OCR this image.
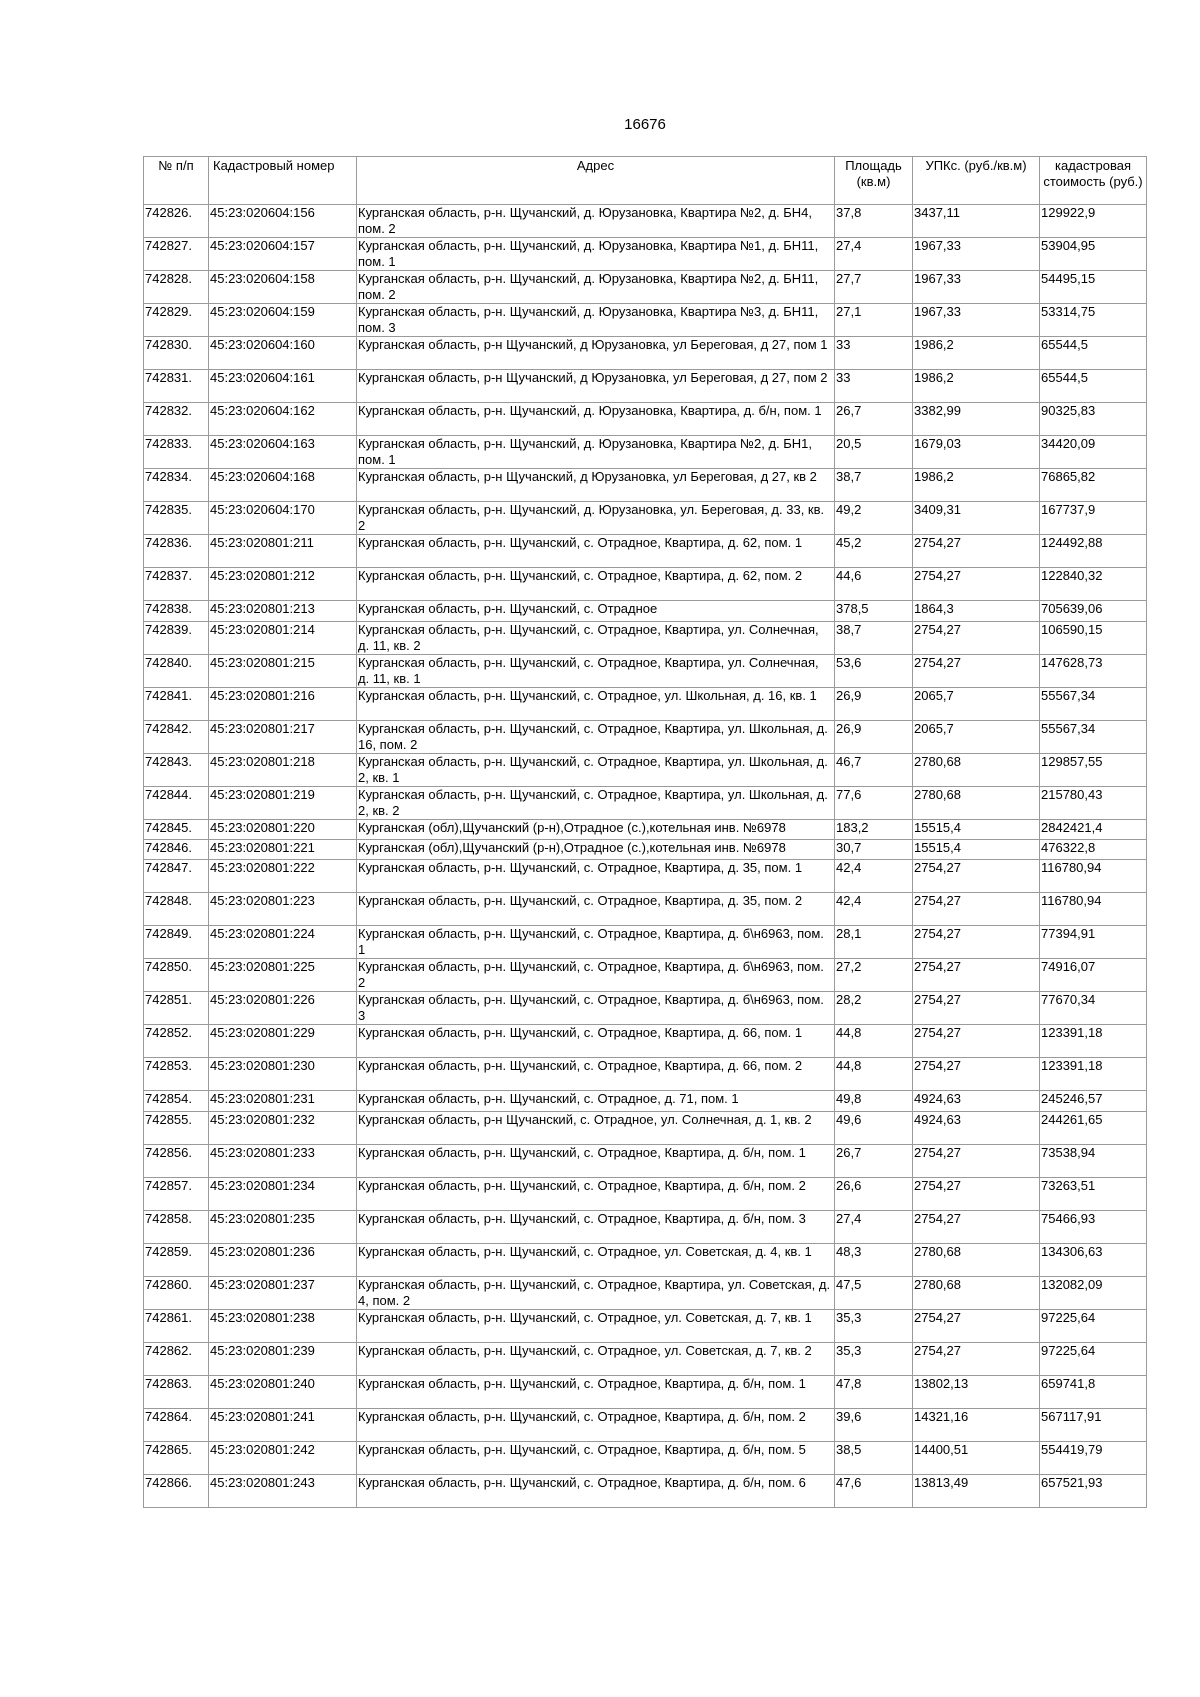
16676
№ п/п	Кадастровый номер	Адрес	Площадь (кв.м)	УПКс. (руб./кв.м)	кадастровая стоимость (руб.)
742826.	45:23:020604:156	Курганская область, р-н. Щучанский, д. Юрузановка, Квартира №2, д. БН4, пом. 2	37,8	3437,11	129922,9
742827.	45:23:020604:157	Курганская область, р-н. Щучанский, д. Юрузановка, Квартира №1, д. БН11, пом. 1	27,4	1967,33	53904,95
742828.	45:23:020604:158	Курганская область, р-н. Щучанский, д. Юрузановка, Квартира №2, д. БН11, пом. 2	27,7	1967,33	54495,15
742829.	45:23:020604:159	Курганская область, р-н. Щучанский, д. Юрузановка, Квартира №3, д. БН11, пом. 3	27,1	1967,33	53314,75
742830.	45:23:020604:160	Курганская область, р-н Щучанский, д Юрузановка, ул Береговая, д 27, пом 1	33	1986,2	65544,5
742831.	45:23:020604:161	Курганская область, р-н Щучанский, д Юрузановка, ул Береговая, д 27, пом 2	33	1986,2	65544,5
742832.	45:23:020604:162	Курганская область, р-н. Щучанский, д. Юрузановка, Квартира, д. б/н, пом. 1	26,7	3382,99	90325,83
742833.	45:23:020604:163	Курганская область, р-н. Щучанский, д. Юрузановка, Квартира №2, д. БН1, пом. 1	20,5	1679,03	34420,09
742834.	45:23:020604:168	Курганская область, р-н Щучанский, д Юрузановка, ул Береговая, д 27, кв 2	38,7	1986,2	76865,82
742835.	45:23:020604:170	Курганская область, р-н. Щучанский, д. Юрузановка, ул. Береговая, д. 33, кв. 2	49,2	3409,31	167737,9
742836.	45:23:020801:211	Курганская область, р-н. Щучанский, с. Отрадное, Квартира, д. 62, пом. 1	45,2	2754,27	124492,88
742837.	45:23:020801:212	Курганская область, р-н. Щучанский, с. Отрадное, Квартира, д. 62, пом. 2	44,6	2754,27	122840,32
742838.	45:23:020801:213	Курганская область, р-н. Щучанский, с. Отрадное	378,5	1864,3	705639,06
742839.	45:23:020801:214	Курганская область, р-н. Щучанский, с. Отрадное, Квартира, ул. Солнечная, д. 11, кв. 2	38,7	2754,27	106590,15
742840.	45:23:020801:215	Курганская область, р-н. Щучанский, с. Отрадное, Квартира, ул. Солнечная, д. 11, кв. 1	53,6	2754,27	147628,73
742841.	45:23:020801:216	Курганская область, р-н. Щучанский, с. Отрадное, ул. Школьная, д. 16, кв. 1	26,9	2065,7	55567,34
742842.	45:23:020801:217	Курганская область, р-н. Щучанский, с. Отрадное, Квартира, ул. Школьная, д. 16, пом. 2	26,9	2065,7	55567,34
742843.	45:23:020801:218	Курганская область, р-н. Щучанский, с. Отрадное, Квартира, ул. Школьная, д. 2, кв. 1	46,7	2780,68	129857,55
742844.	45:23:020801:219	Курганская область, р-н. Щучанский, с. Отрадное, Квартира, ул. Школьная, д. 2, кв. 2	77,6	2780,68	215780,43
742845.	45:23:020801:220	Курганская (обл),Щучанский (р-н),Отрадное (с.),котельная инв. №6978	183,2	15515,4	2842421,4
742846.	45:23:020801:221	Курганская (обл),Щучанский (р-н),Отрадное (с.),котельная инв. №6978	30,7	15515,4	476322,8
742847.	45:23:020801:222	Курганская область, р-н. Щучанский, с. Отрадное, Квартира, д. 35, пом. 1	42,4	2754,27	116780,94
742848.	45:23:020801:223	Курганская область, р-н. Щучанский, с. Отрадное, Квартира, д. 35, пом. 2	42,4	2754,27	116780,94
742849.	45:23:020801:224	Курганская область, р-н. Щучанский, с. Отрадное, Квартира, д. б\н6963, пом. 1	28,1	2754,27	77394,91
742850.	45:23:020801:225	Курганская область, р-н. Щучанский, с. Отрадное, Квартира, д. б\н6963, пом. 2	27,2	2754,27	74916,07
742851.	45:23:020801:226	Курганская область, р-н. Щучанский, с. Отрадное, Квартира, д. б\н6963, пом. 3	28,2	2754,27	77670,34
742852.	45:23:020801:229	Курганская область, р-н. Щучанский, с. Отрадное, Квартира, д. 66, пом. 1	44,8	2754,27	123391,18
742853.	45:23:020801:230	Курганская область, р-н. Щучанский, с. Отрадное, Квартира, д. 66, пом. 2	44,8	2754,27	123391,18
742854.	45:23:020801:231	Курганская область, р-н. Щучанский, с. Отрадное, д. 71, пом. 1	49,8	4924,63	245246,57
742855.	45:23:020801:232	Курганская область, р-н Щучанский, с. Отрадное, ул. Солнечная, д. 1, кв. 2	49,6	4924,63	244261,65
742856.	45:23:020801:233	Курганская область, р-н. Щучанский, с. Отрадное, Квартира, д. б/н, пом. 1	26,7	2754,27	73538,94
742857.	45:23:020801:234	Курганская область, р-н. Щучанский, с. Отрадное, Квартира, д. б/н, пом. 2	26,6	2754,27	73263,51
742858.	45:23:020801:235	Курганская область, р-н. Щучанский, с. Отрадное, Квартира, д. б/н, пом. 3	27,4	2754,27	75466,93
742859.	45:23:020801:236	Курганская область, р-н. Щучанский, с. Отрадное, ул. Советская, д. 4, кв. 1	48,3	2780,68	134306,63
742860.	45:23:020801:237	Курганская область, р-н. Щучанский, с. Отрадное, Квартира, ул. Советская, д. 4, пом. 2	47,5	2780,68	132082,09
742861.	45:23:020801:238	Курганская область, р-н. Щучанский, с. Отрадное, ул. Советская, д. 7, кв. 1	35,3	2754,27	97225,64
742862.	45:23:020801:239	Курганская область, р-н. Щучанский, с. Отрадное, ул. Советская, д. 7, кв. 2	35,3	2754,27	97225,64
742863.	45:23:020801:240	Курганская область, р-н. Щучанский, с. Отрадное, Квартира, д. б/н, пом. 1	47,8	13802,13	659741,8
742864.	45:23:020801:241	Курганская область, р-н. Щучанский, с. Отрадное, Квартира, д. б/н, пом. 2	39,6	14321,16	567117,91
742865.	45:23:020801:242	Курганская область, р-н. Щучанский, с. Отрадное, Квартира, д. б/н, пом. 5	38,5	14400,51	554419,79
742866.	45:23:020801:243	Курганская область, р-н. Щучанский, с. Отрадное, Квартира, д. б/н, пом. 6	47,6	13813,49	657521,93
